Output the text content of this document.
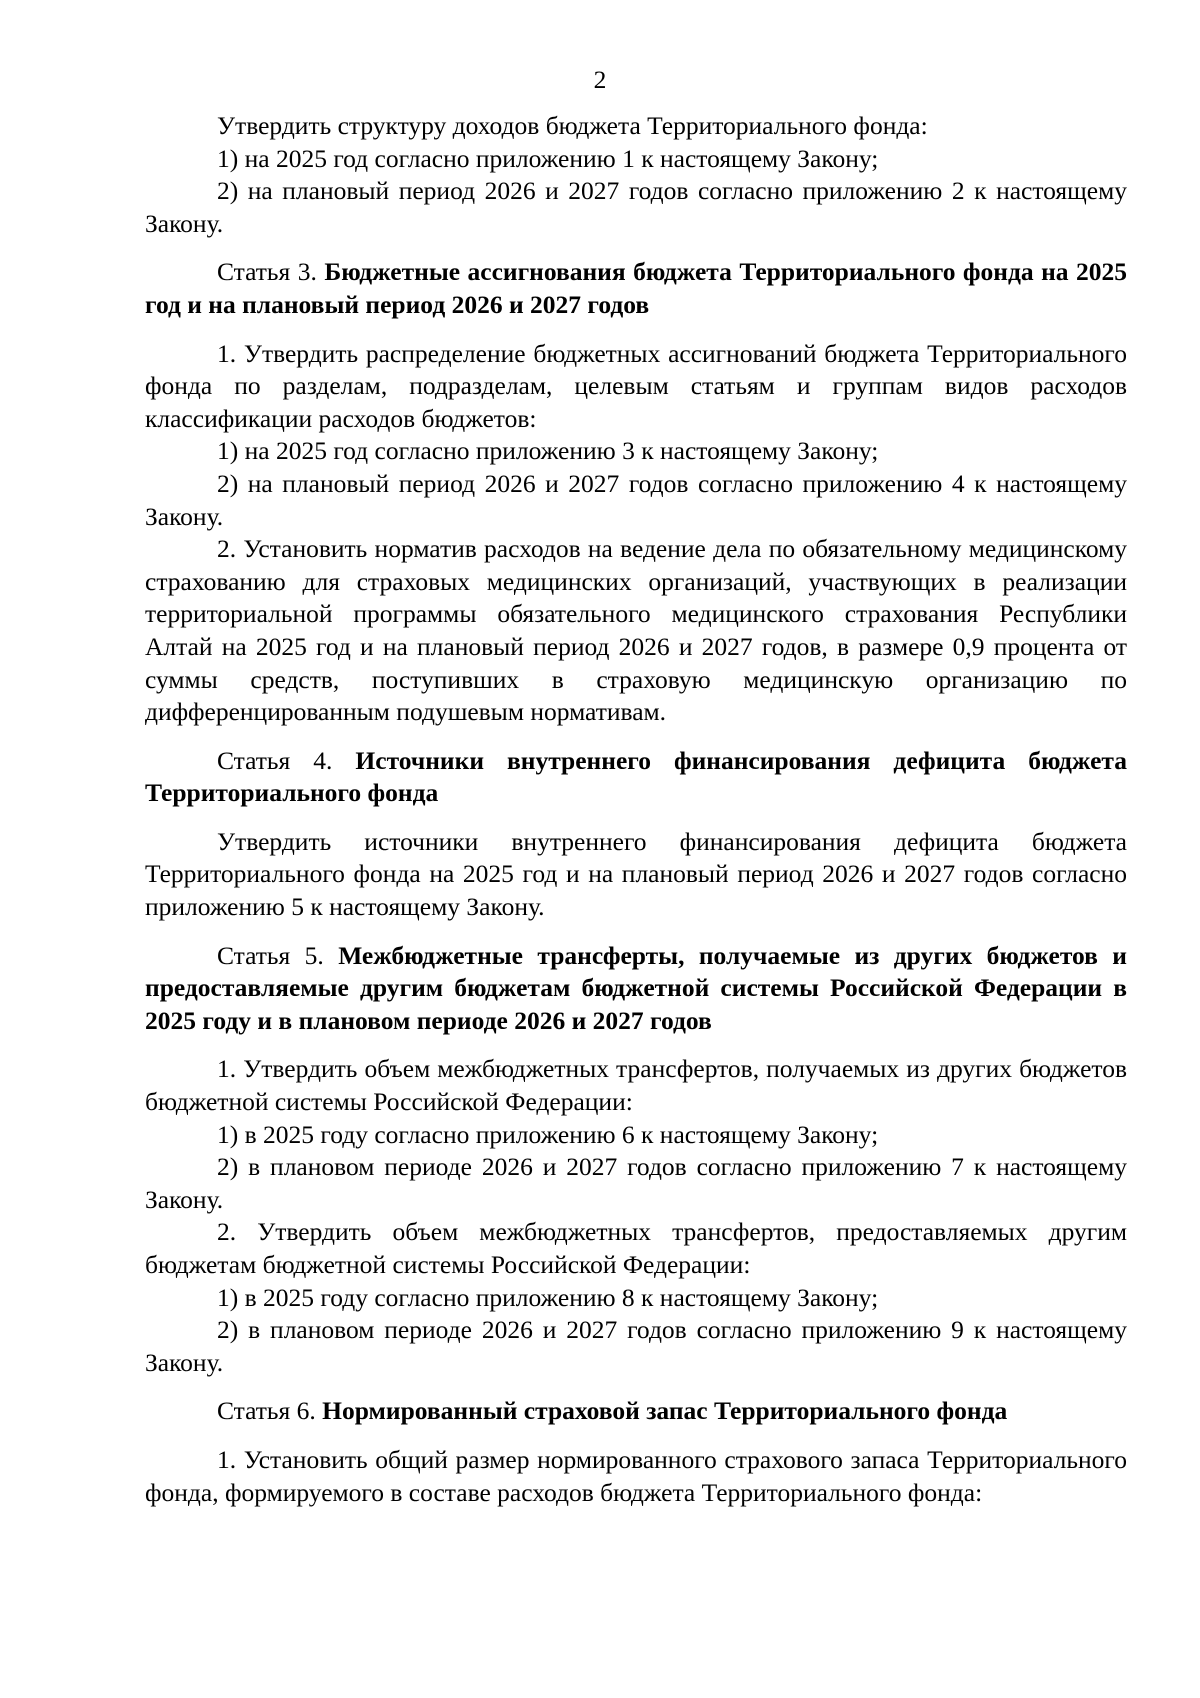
2

Утвердить структуру доходов бюджета Территориального фонда:

1) на 2025 год согласно приложению 1 к настоящему Закону;

2) на плановый период 2026 и 2027 годов согласно приложению 2 к настоящему Закону.

Статья 3. Бюджетные ассигнования бюджета Территориального фонда на 2025 год и на плановый период 2026 и 2027 годов

1. Утвердить распределение бюджетных ассигнований бюджета Территориального фонда по разделам, подразделам, целевым статьям и группам видов расходов классификации расходов бюджетов:

1) на 2025 год согласно приложению 3 к настоящему Закону;

2) на плановый период 2026 и 2027 годов согласно приложению 4 к настоящему Закону.

2. Установить норматив расходов на ведение дела по обязательному медицинскому страхованию для страховых медицинских организаций, участвующих в реализации территориальной программы обязательного медицинского страхования Республики Алтай на 2025 год и на плановый период 2026 и 2027 годов, в размере 0,9 процента от суммы средств, поступивших в страховую медицинскую организацию по дифференцированным подушевым нормативам.

Статья 4. Источники внутреннего финансирования дефицита бюджета Территориального фонда

Утвердить источники внутреннего финансирования дефицита бюджета Территориального фонда на 2025 год и на плановый период 2026 и 2027 годов согласно приложению 5 к настоящему Закону.

Статья 5. Межбюджетные трансферты, получаемые из других бюджетов и предоставляемые другим бюджетам бюджетной системы Российской Федерации в 2025 году и в плановом периоде 2026 и 2027 годов

1. Утвердить объем межбюджетных трансфертов, получаемых из других бюджетов бюджетной системы Российской Федерации:

1) в 2025 году согласно приложению 6 к настоящему Закону;

2) в плановом периоде 2026 и 2027 годов согласно приложению 7 к настоящему Закону.

2. Утвердить объем межбюджетных трансфертов, предоставляемых другим бюджетам бюджетной системы Российской Федерации:

1) в 2025 году согласно приложению 8 к настоящему Закону;

2) в плановом периоде 2026 и 2027 годов согласно приложению 9 к настоящему Закону.

Статья 6. Нормированный страховой запас Территориального фонда

1. Установить общий размер нормированного страхового запаса Территориального фонда, формируемого в составе расходов бюджета Территориального фонда:
